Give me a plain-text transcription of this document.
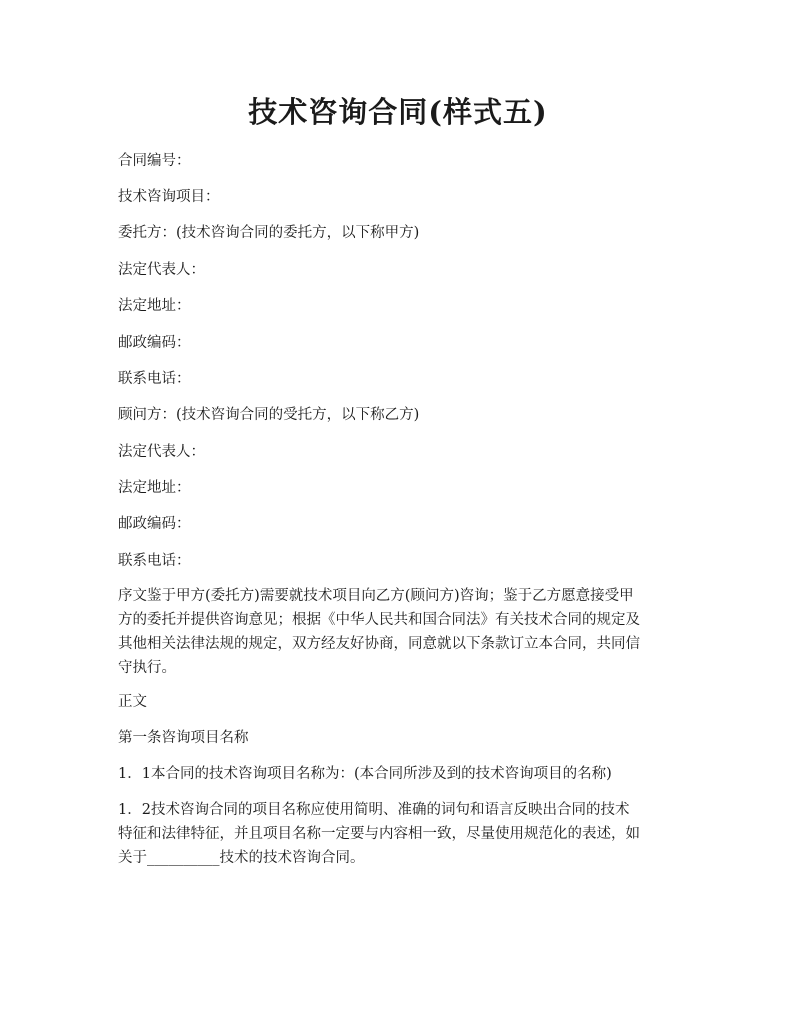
技术咨询合同(样式五)
合同编号：
技术咨询项目：
委托方：(技术咨询合同的委托方，以下称甲方)
法定代表人：
法定地址：
邮政编码：
联系电话：
顾问方：(技术咨询合同的受托方，以下称乙方)
法定代表人：
法定地址：
邮政编码：
联系电话：
序文鉴于甲方(委托方)需要就技术项目向乙方(顾问方)咨询；鉴于乙方愿意接受甲
方的委托并提供咨询意见；根据《中华人民共和国合同法》有关技术合同的规定及
其他相关法律法规的规定，双方经友好协商，同意就以下条款订立本合同，共同信
守执行。
正文
第一条咨询项目名称
1．1本合同的技术咨询项目名称为：(本合同所涉及到的技术咨询项目的名称)
1．2技术咨询合同的项目名称应使用简明、准确的词句和语言反映出合同的技术
特征和法律特征，并且项目名称一定要与内容相一致，尽量使用规范化的表述，如
关于__________技术的技术咨询合同。
